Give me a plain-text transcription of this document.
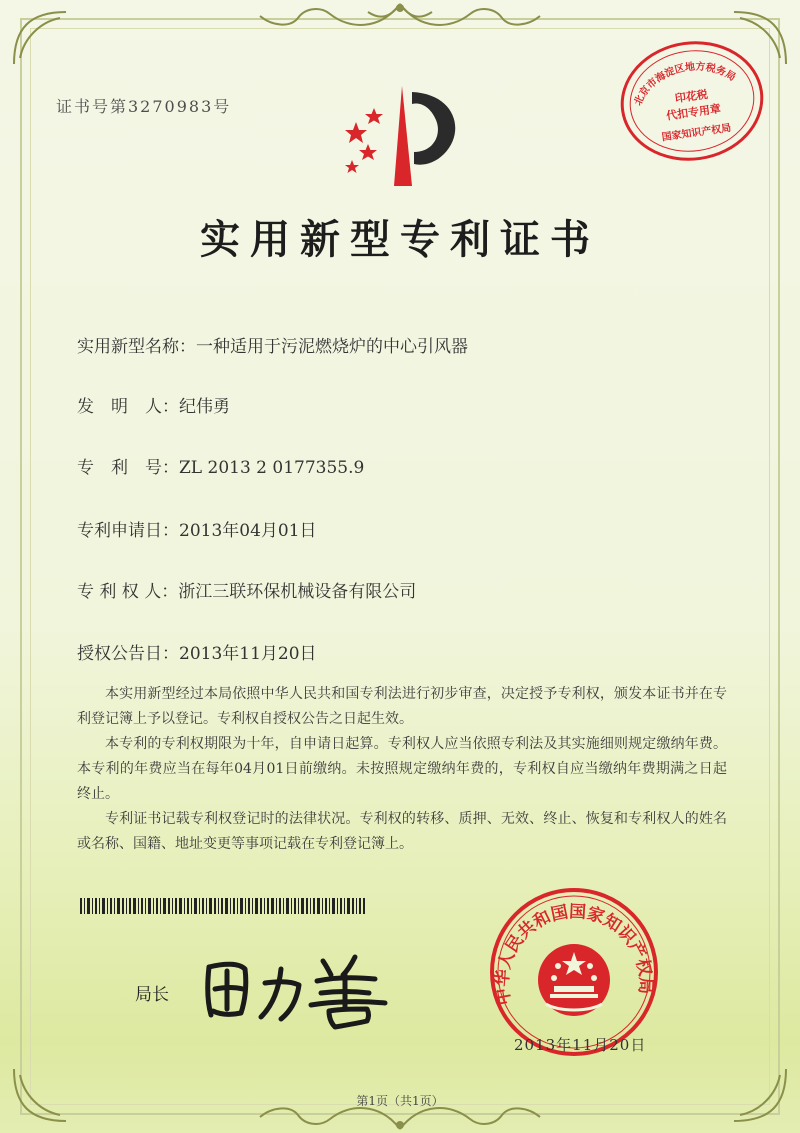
证书号第3270983号	北京市海淀区地方税务局
印花税
代扣专用章
国家知识产权局
实用新型专利证书
实用新型名称：一种适用于污泥燃烧炉的中心引风器
发　明　人：纪伟勇
专　利　号：ZL 2013 2 0177355.9
专利申请日：2013年04月01日
专 利 权 人：浙江三联环保机械设备有限公司
授权公告日：2013年11月20日

本实用新型经过本局依照中华人民共和国专利法进行初步审查，决定授予专利权，颁发本证书并在专利登记簿上予以登记。专利权自授权公告之日起生效。

本专利的专利权期限为十年，自申请日起算。专利权人应当依照专利法及其实施细则规定缴纳年费。本专利的年费应当在每年04月01日前缴纳。未按照规定缴纳年费的，专利权自应当缴纳年费期满之日起终止。

专利证书记载专利权登记时的法律状况。专利权的转移、质押、无效、终止、恢复和专利权人的姓名或名称、国籍、地址变更等事项记载在专利登记簿上。

局长	中华人民共和国国家知识产权局
2013年11月20日
第1页（共1页）
